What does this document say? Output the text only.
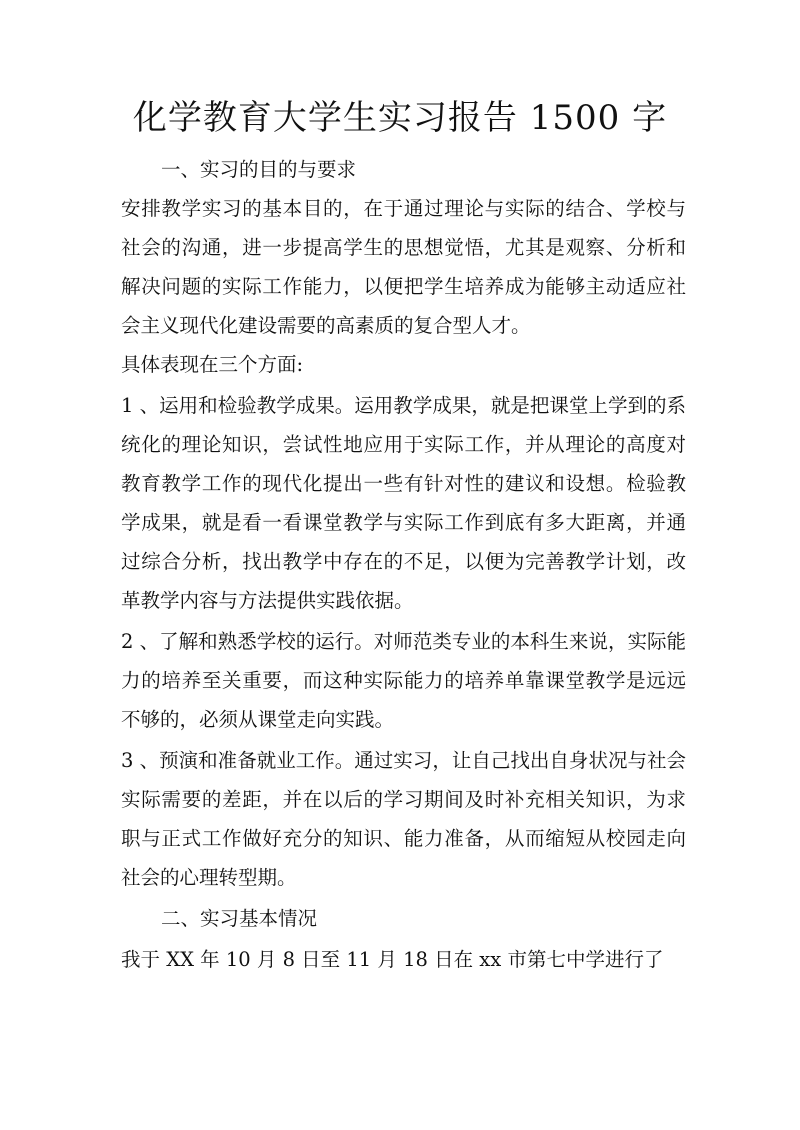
化学教育大学生实习报告 1500 字

一、实习的目的与要求

安排教学实习的基本目的，在于通过理论与实际的结合、学校与社会的沟通，进一步提高学生的思想觉悟，尤其是观察、分析和解决问题的实际工作能力，以便把学生培养成为能够主动适应社会主义现代化建设需要的高素质的复合型人才。

具体表现在三个方面:

1 、运用和检验教学成果。运用教学成果，就是把课堂上学到的系统化的理论知识，尝试性地应用于实际工作，并从理论的高度对教育教学工作的现代化提出一些有针对性的建议和设想。检验教学成果，就是看一看课堂教学与实际工作到底有多大距离，并通过综合分析，找出教学中存在的不足，以便为完善教学计划，改革教学内容与方法提供实践依据。

2 、了解和熟悉学校的运行。对师范类专业的本科生来说，实际能力的培养至关重要，而这种实际能力的培养单靠课堂教学是远远不够的，必须从课堂走向实践。

3 、预演和准备就业工作。通过实习，让自己找出自身状况与社会实际需要的差距，并在以后的学习期间及时补充相关知识，为求职与正式工作做好充分的知识、能力准备，从而缩短从校园走向社会的心理转型期。

二、实习基本情况

我于 XX 年 10 月 8 日至 11 月 18 日在 xx 市第七中学进行了
